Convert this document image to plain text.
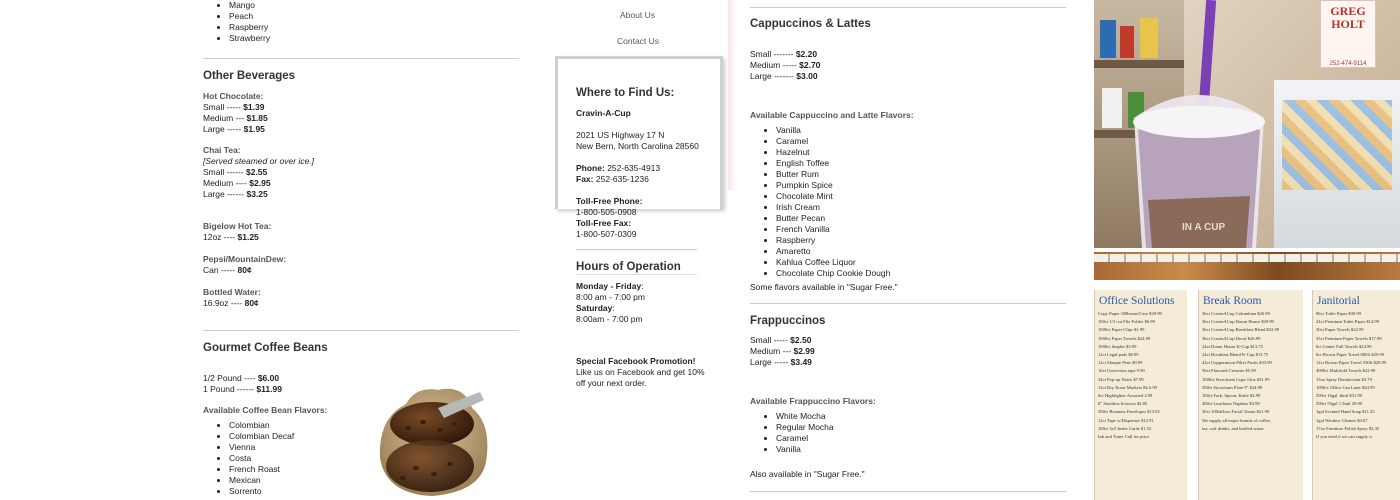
• Mango
• Peach
• Raspberry
• Strawberry
Other Beverages
Hot Chocolate:
Small ----- $1.39
Medium --- $1.85
Large ----- $1.95
Chai Tea:
[Served steamed or over ice.]
Small ------ $2.55
Medium ---- $2.95
Large ------ $3.25
Bigelow Hot Tea:
12oz ---- $1.25
Pepsi/MountainDew:
Can ----- 80¢
Bottled Water:
16.9oz ---- 80¢
Gourmet Coffee Beans
1/2 Pound ---- $6.00
1 Pound ------ $11.99
Available Coffee Bean Flavors:
• Colombian
• Colombian Decaf
• Vienna
• Costa
• French Roast
• Mexican
• Sorrento
About Us
Contact Us
Where to Find Us:
Cravin-A-Cup
2021 US Highway 17 N
New Bern, North Carolina 28560
Phone: 252-635-4913
Fax: 252-635-1236
Toll-Free Phone:
1-800-505-0908
Toll-Free Fax:
1-800-507-0309
Hours of Operation
Monday - Friday:
8:00 am - 7:00 pm
Saturday:
8:00am - 7:00 pm
Special Facebook Promotion!
Like us on Facebook and get 10%
off your next order.
Cappuccinos & Lattes
Small ------- $2.20
Medium ----- $2.70
Large ------- $3.00
Available Cappuccino and Latte Flavors:
• Vanilla
• Caramel
• Hazelnut
• English Toffee
• Butter Rum
• Pumpkin Spice
• Chocolate Mint
• Irish Cream
• Butter Pecan
• French Vanilla
• Raspberry
• Amaretto
• Kahlua Coffee Liquor
• Chocolate Chip Cookie Dough
Some flavors available in "Sugar Free."
Frappuccinos
Small ----- $2.50
Medium --- $2.99
Large ----- $3.49
Available Frappuccino Flavors:
• White Mocha
• Regular Mocha
• Caramel
• Vanilla
Also available in "Sugar Free."
GREG HOLT
252-474-9114
IN A CUP
Office Solutions
Copy Paper 10Reams/Case $29.99
100ct 1/3 cut File Folder $6.99
1000ct Paper Clips $1.99
1000ct Paper Towels $24.99
1000ct Staples $3.99
12ct Legal pads $8.99
12ct Sharpie Pens $9.99
10ct Correction tape 9.99
24ct Pop-up Notes $7.99
12ct Dry Erase Markers 8k 6.99
6ct Highlighter Assorted 2.99
8" Stainless Scissors $2.05
500ct Business Envelopes $13.95
12ct Tape w/Dispenser $12.91
100ct 3x5 Index Cards $1.52
Ink and Toner Call for price
Break Room
36ct CravinACup Columbian $26.99
36ct CravinACup Donut House $29.99
36ct CravinACup Breakfast Blend $32.99
36ct CravinACup Decaf $26.99
24ct Donut House K-Cup $13.75
24ct Breakfast Blend K-Cup $13.75
42ct Coppermoon Filter Packs $33.99
50ct Flavored Creamer $5.99
1000ct Styrofoam Cups 12oz $31.99
500ct Styrofoam Plate 9" $24.99
100ct Fork, Spoon, Knife $2.99
400ct Luncheon Napkins $3.99
30ct 100sh/box Facial Tissue $21.99
We supply all major brands of coffee,
tea, soft drinks, and bottled water.
Janitorial
96ct Toilet Paper $39.99
24ct Premium Toilet Paper $14.99
30ct Paper Towels $24.99
35ct Premium Paper Towels $17.99
6ct Center Pull Towels $24.99
6ct Brown Paper Towel 800ft $29.99
12ct Brown Paper Towel 350ft $28.99
4000ct Multifold Towels $22.99
15oz Spray Disinfectant $3.79
1000ct Office Can Liner $24.99
500ct 16gal .6mil $31.99
500ct 55gal 1.5mil 29.99
1gal Scented Hand Soap $11.25
1gal Window Cleaner $3.67
17oz Furniture Polish Spray $3.35
If you need it we can supply it.
